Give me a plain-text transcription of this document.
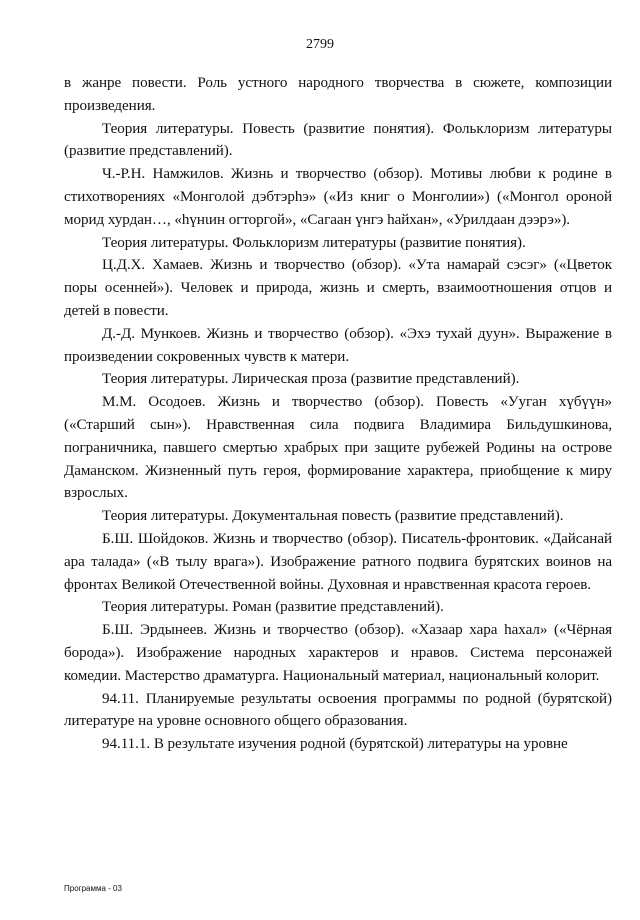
2799

в жанре повести. Роль устного народного творчества в сюжете, композиции произведения.

Теория литературы. Повесть (развитие понятия). Фольклоризм литературы (развитие представлений).

Ч.-Р.Н. Намжилов. Жизнь и творчество (обзор). Мотивы любви к родине в стихотворениях «Монголой дэбтэрhэ» («Из книг о Монголии») («Монгол ороной морид хурдан…, «hүнιин огторгой», «Сагаан үнгэ hайхан», «Урилдаан дээрэ»).

Теория литературы. Фольклоризм литературы (развитие понятия).

Ц.Д.Х. Хамаев. Жизнь и творчество (обзор). «Ута намарай сэсэг» («Цветок поры осенней»). Человек и природа, жизнь и смерть, взаимоотношения отцов и детей в повести.

Д.-Д. Мункоев. Жизнь и творчество (обзор). «Эхэ тухай дуун». Выражение в произведении сокровенных чувств к матери.

Теория литературы. Лирическая проза (развитие представлений).

М.М. Осодоев. Жизнь и творчество (обзор). Повесть «Ууган хүбүүн» («Старший сын»). Нравственная сила подвига Владимира Бильдушкинова, пограничника, павшего смертью храбрых при защите рубежей Родины на острове Даманском. Жизненный путь героя, формирование характера, приобщение к миру взрослых.

Теория литературы. Документальная повесть (развитие представлений).

Б.Ш. Шойдоков. Жизнь и творчество (обзор). Писатель-фронтовик. «Дайсанай ара талада» («В тылу врага»). Изображение ратного подвига бурятских воинов на фронтах Великой Отечественной войны. Духовная и нравственная красота героев.

Теория литературы. Роман (развитие представлений).

Б.Ш. Эрдынеев. Жизнь и творчество (обзор). «Хазаар хара hахал» («Чёрная борода»). Изображение народных характеров и нравов. Система персонажей комедии. Мастерство драматурга. Национальный материал, национальный колорит.

94.11. Планируемые результаты освоения программы по родной (бурятской) литературе на уровне основного общего образования.

94.11.1. В результате изучения родной (бурятской) литературы на уровне

Программа - 03
